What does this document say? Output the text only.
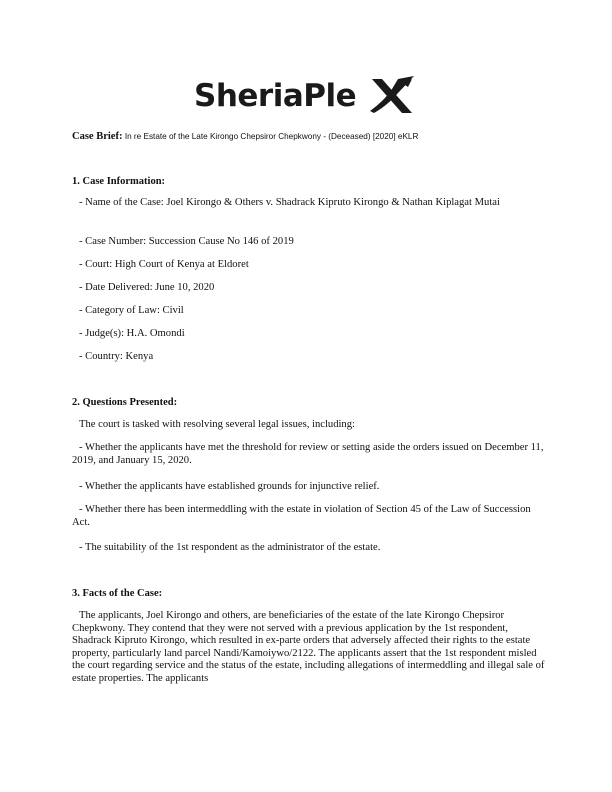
SheriaPle
Case Brief: In re Estate of the Late Kirongo Chepsiror Chepkwony - (Deceased) [2020] eKLR
1. Case Information:
- Name of the Case: Joel Kirongo & Others v. Shadrack Kipruto Kirongo & Nathan Kiplagat Mutai
- Case Number: Succession Cause No 146 of 2019
- Court: High Court of Kenya at Eldoret
- Date Delivered: June 10, 2020
- Category of Law: Civil
- Judge(s): H.A. Omondi
- Country: Kenya
2. Questions Presented:
The court is tasked with resolving several legal issues, including:
- Whether the applicants have met the threshold for review or setting aside the orders issued on December 11, 2019, and January 15, 2020.
- Whether the applicants have established grounds for injunctive relief.
- Whether there has been intermeddling with the estate in violation of Section 45 of the Law of Succession Act.
- The suitability of the 1st respondent as the administrator of the estate.
3. Facts of the Case:
The applicants, Joel Kirongo and others, are beneficiaries of the estate of the late Kirongo Chepsiror Chepkwony. They contend that they were not served with a previous application by the 1st respondent, Shadrack Kipruto Kirongo, which resulted in ex-parte orders that adversely affected their rights to the estate property, particularly land parcel Nandi/Kamoiywo/2122. The applicants assert that the 1st respondent misled the court regarding service and the status of the estate, including allegations of intermeddling and illegal sale of estate properties. The applicants
